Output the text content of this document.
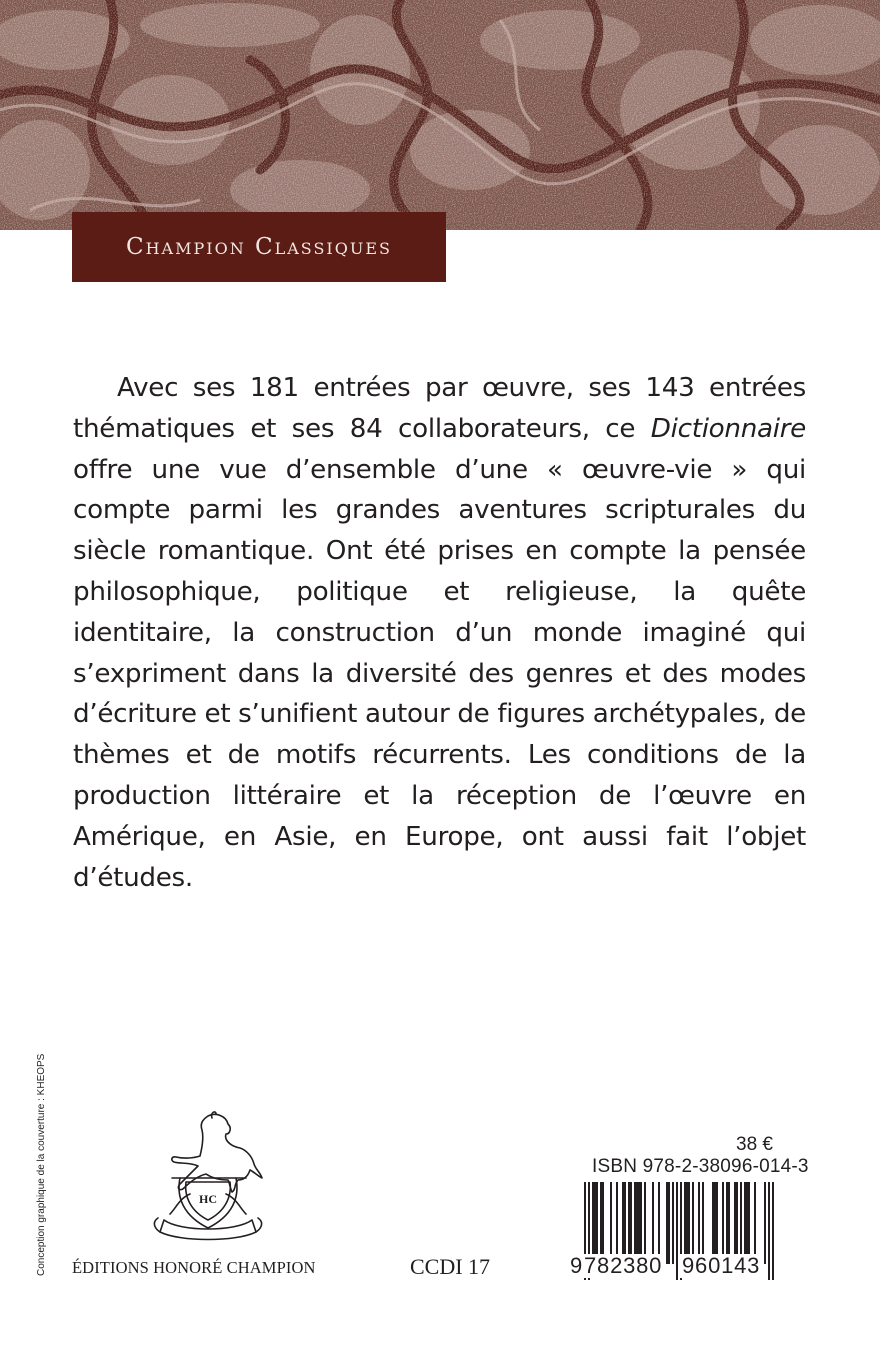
Champion Classiques

Avec ses 181 entrées par œuvre, ses 143 entrées thématiques et ses 84 collaborateurs, ce Dictionnaire offre une vue d’ensemble d’une « œuvre-vie » qui compte parmi les grandes aventures scripturales du siècle romantique. Ont été prises en compte la pensée philosophique, politique et religieuse, la quête identitaire, la construction d’un monde imaginé qui s’expriment dans la diversité des genres et des modes d’écriture et s’unifient autour de figures archétypales, de thèmes et de motifs récurrents. Les conditions de la production littéraire et la réception de l’œuvre en Amérique, en Asie, en Europe, ont aussi fait l’objet d’études.

Conception graphique de la couverture : KHEOPS	HC
ÉDITIONS HONORÉ CHAMPION	CCDI 17
38 €
ISBN 978-2-38096-014-3
9 782380 960143
